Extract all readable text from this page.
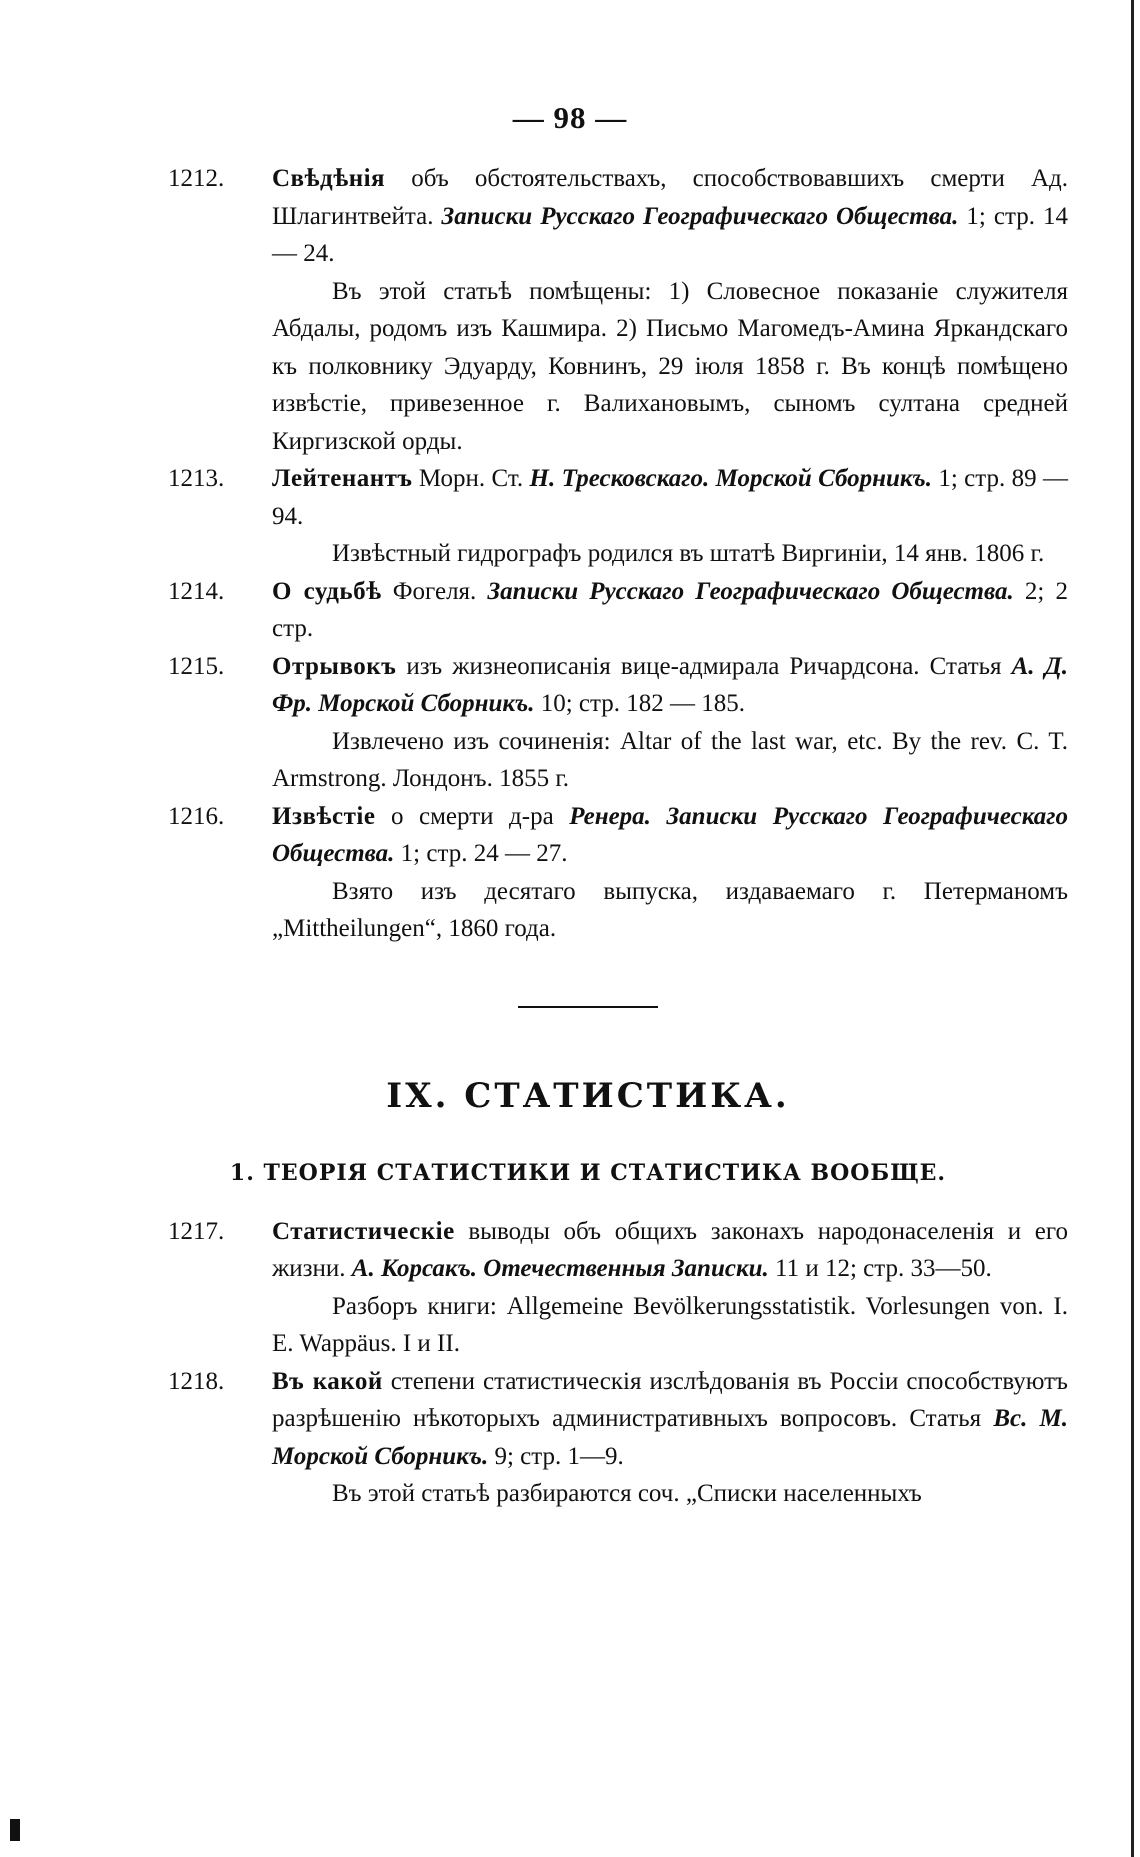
— 98 —
1212.	Свѣдѣнія объ обстоятельствахъ, способствовавшихъ смерти Ад. Шлагинтвейта. Записки Русскаго Географическаго Общества. 1; стр. 14 — 24.
Въ этой статьѣ помѣщены: 1) Словесное показаніе служителя Абдалы, родомъ изъ Кашмира. 2) Письмо Магомедъ-Амина Яркандскаго къ полковнику Эдуарду, Ковнинъ, 29 іюля 1858 г. Въ концѣ помѣщено извѣстіе, привезенное г. Валихановымъ, сыномъ султана средней Киргизской орды.
1213.	Лейтенантъ Морн. Ст. Н. Тресковскаго. Морской Сборникъ. 1; стр. 89 — 94.
Извѣстный гидрографъ родился въ штатѣ Виргиніи, 14 янв. 1806 г.
1214.	О судьбѣ Фогеля. Записки Русскаго Географическаго Общества. 2; 2 стр.
1215.	Отрывокъ изъ жизнеописанія вице-адмирала Ричардсона. Статья А. Д. Фр. Морской Сборникъ. 10; стр. 182 — 185.
Извлечено изъ сочиненія: Altar of the last war, etc. By the rev. C. T. Armstrong. Лондонъ. 1855 г.
1216.	Извѣстіе о смерти д-ра Ренера. Записки Русскаго Географическаго Общества. 1; стр. 24 — 27.
Взято изъ десятаго выпуска, издаваемаго г. Петерманомъ „Mittheilungen“, 1860 года.
IX. СТАТИСТИКА.
1. ТЕОРІЯ СТАТИСТИКИ И СТАТИСТИКА ВООБЩЕ.
1217.	Статистическіе выводы объ общихъ законахъ народонаселенія и его жизни. А. Корсакъ. Отечественныя Записки. 11 и 12; стр. 33—50.
Разборъ книги: Allgemeine Bevölkerungsstatistik. Vorlesungen von. I. E. Wappäus. I и II.
1218.	Въ какой степени статистическія изслѣдованія въ Россіи способствуютъ разрѣшенію нѣкоторыхъ административныхъ вопросовъ. Статья Вс. М. Морской Сборникъ. 9; стр. 1—9.
Въ этой статьѣ разбираются соч. „Списки населенныхъ
